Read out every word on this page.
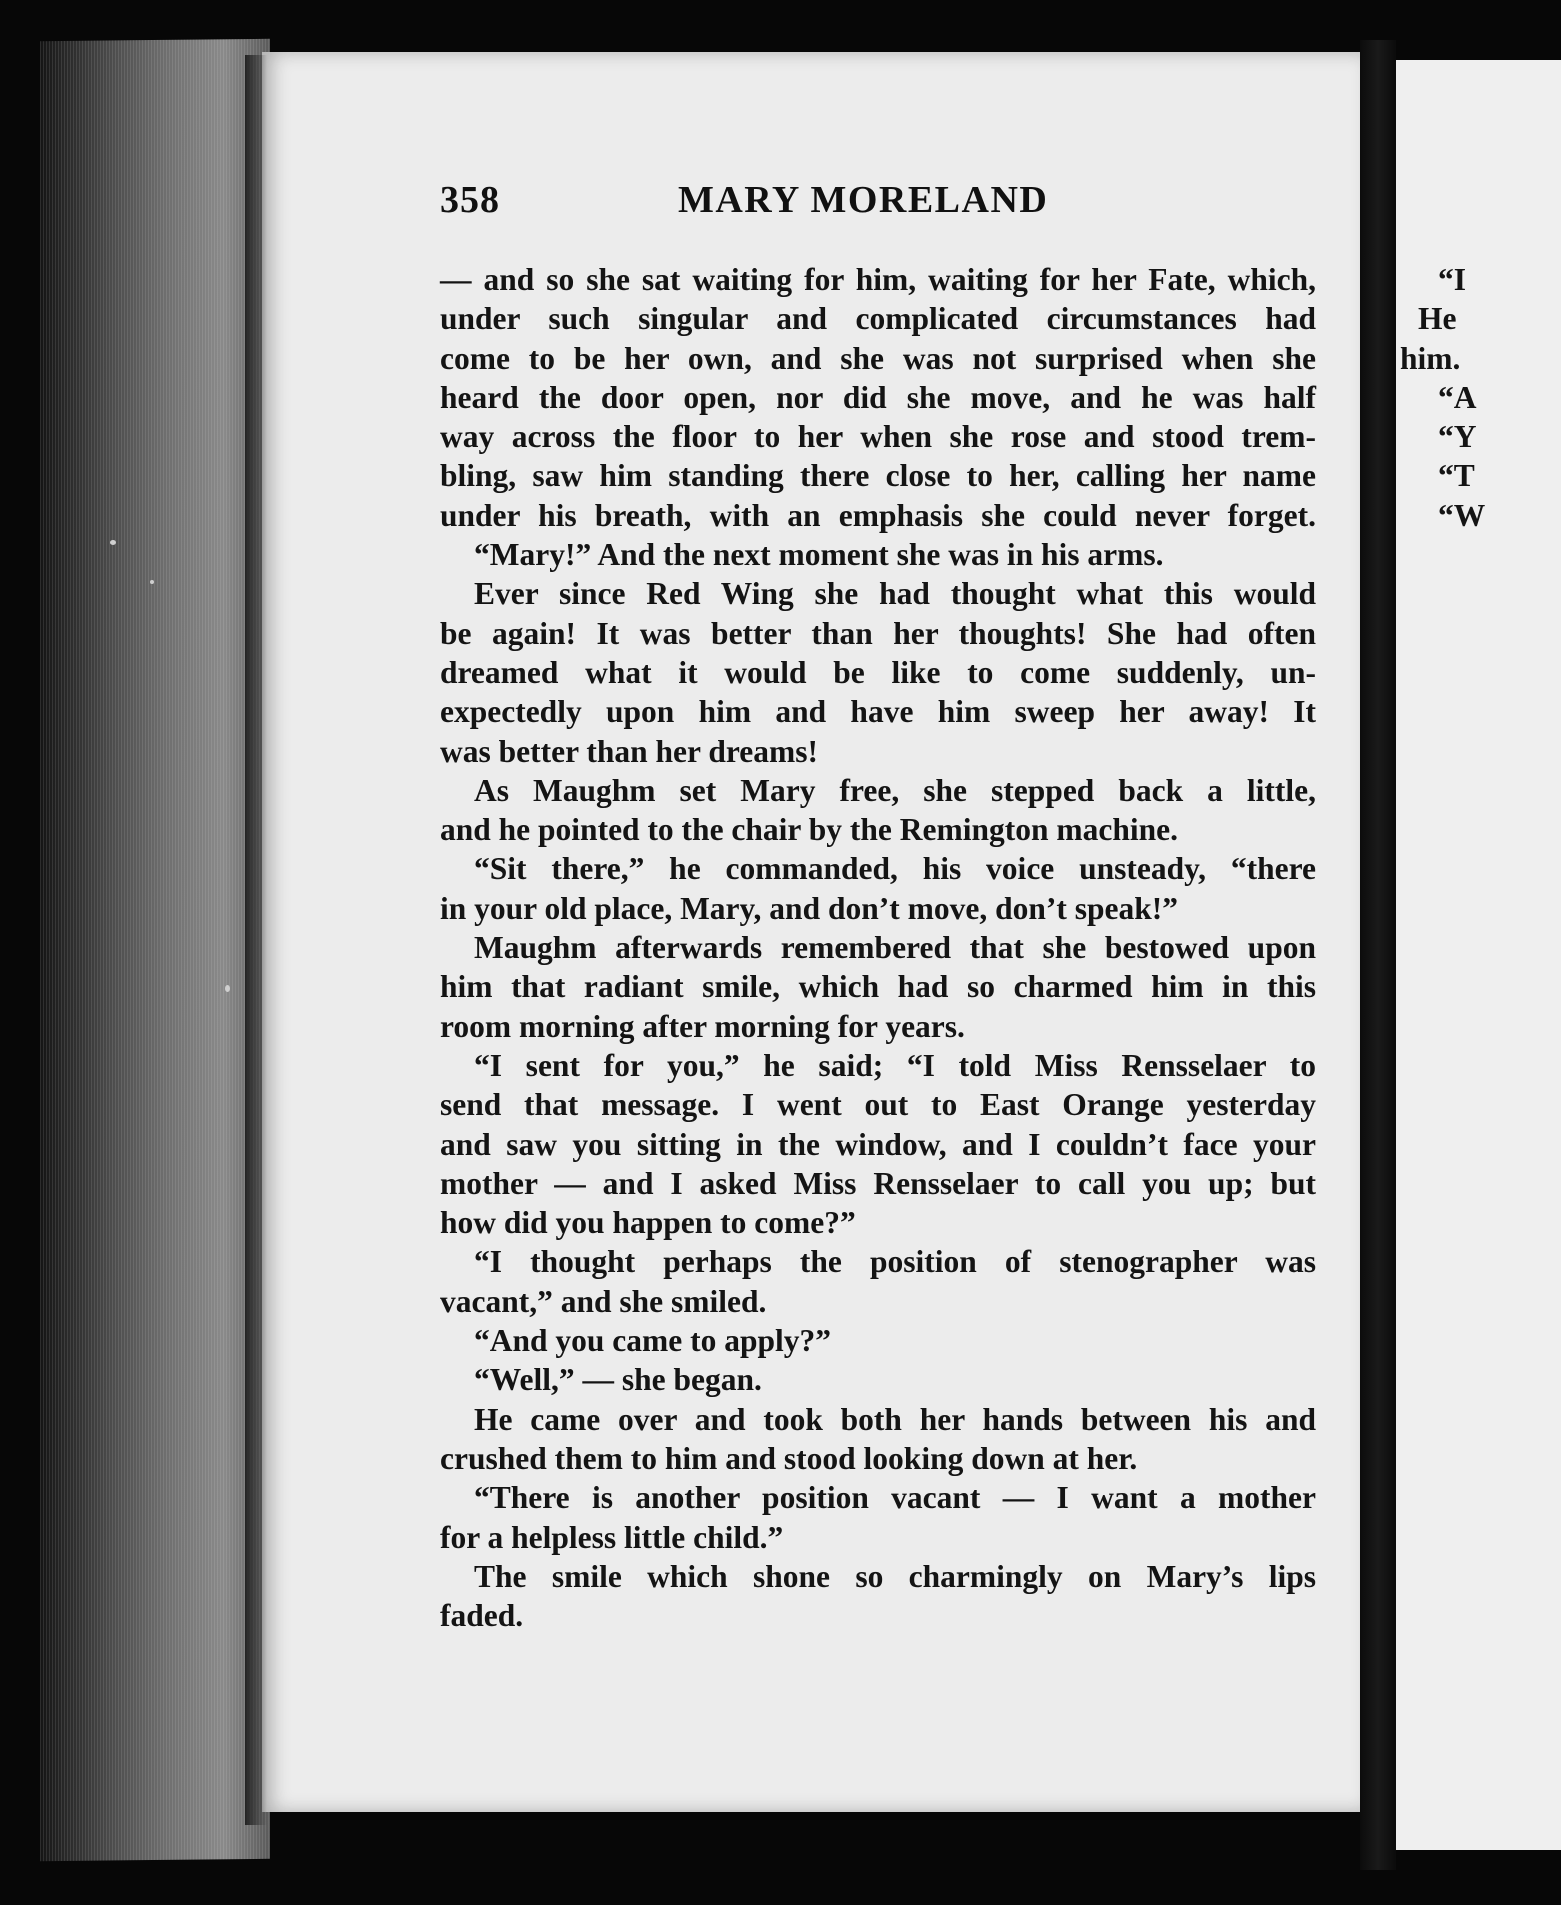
358	MARY MORELAND
— and so she sat waiting for him, waiting for her Fate, which,
under such singular and complicated circumstances had
come to be her own, and she was not surprised when she
heard the door open, nor did she move, and he was half
way across the floor to her when she rose and stood trem-
bling, saw him standing there close to her, calling her name
under his breath, with an emphasis she could never forget.
“Mary!” And the next moment she was in his arms.
Ever since Red Wing she had thought what this would
be again! It was better than her thoughts! She had often
dreamed what it would be like to come suddenly, un-
expectedly upon him and have him sweep her away! It
was better than her dreams!
As Maughm set Mary free, she stepped back a little,
and he pointed to the chair by the Remington machine.
“Sit there,” he commanded, his voice unsteady, “there
in your old place, Mary, and don’t move, don’t speak!”
Maughm afterwards remembered that she bestowed upon
him that radiant smile, which had so charmed him in this
room morning after morning for years.
“I sent for you,” he said; “I told Miss Rensselaer to
send that message. I went out to East Orange yesterday
and saw you sitting in the window, and I couldn’t face your
mother — and I asked Miss Rensselaer to call you up; but
how did you happen to come?”
“I thought perhaps the position of stenographer was
vacant,” and she smiled.
“And you came to apply?”
“Well,” — she began.
He came over and took both her hands between his and
crushed them to him and stood looking down at her.
“There is another position vacant — I want a mother
for a helpless little child.”
The smile which shone so charmingly on Mary’s lips
faded.
“I
He
him.
“A
“Y
“T
“W
